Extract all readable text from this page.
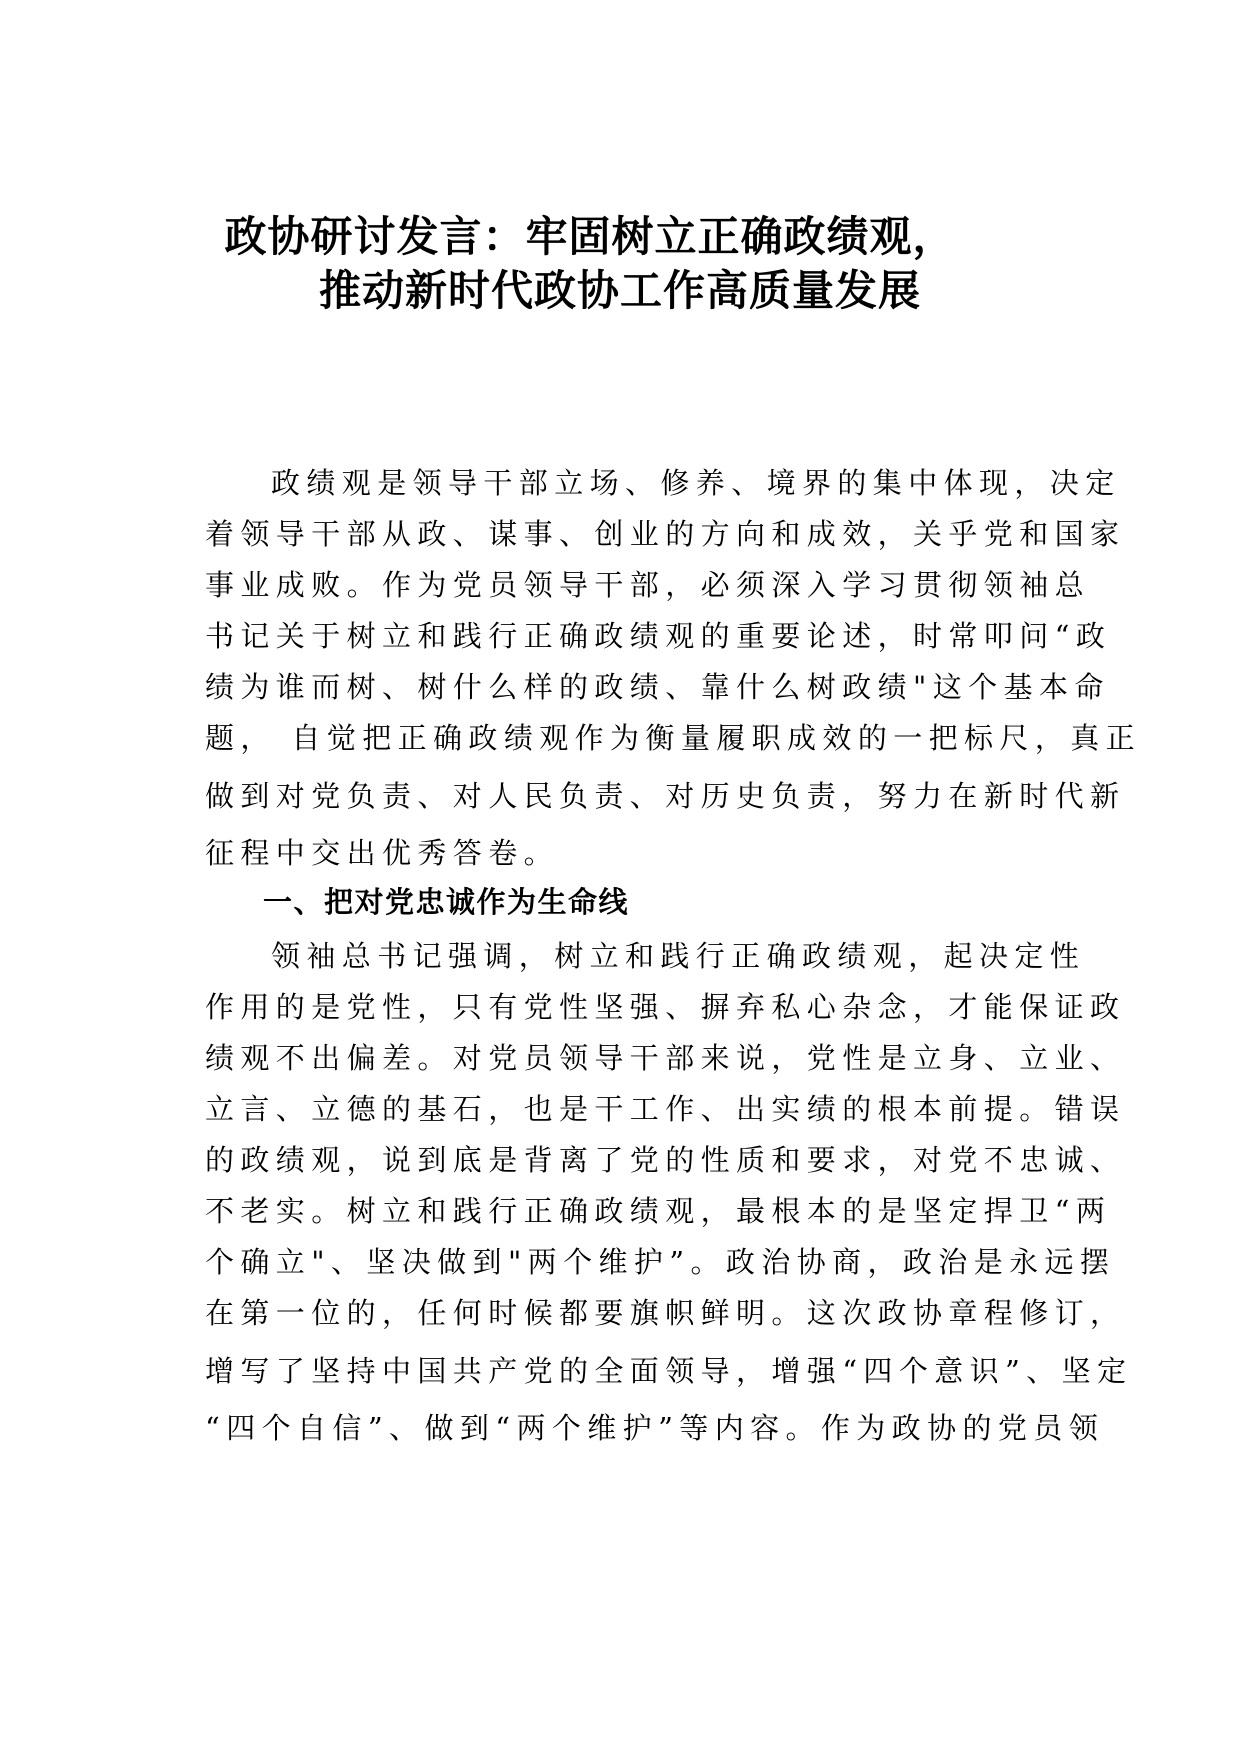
政协研讨发言：牢固树立正确政绩观，
推动新时代政协工作高质量发展
政绩观是领导干部立场、修养、境界的集中体现，决定
着领导干部从政、谋事、创业的方向和成效，关乎党和国家
事业成败。作为党员领导干部，必须深入学习贯彻领袖总
书记关于树立和践行正确政绩观的重要论述，时常叩问“政
绩为谁而树、树什么样的政绩、靠什么树政绩"这个基本命
题， 自觉把正确政绩观作为衡量履职成效的一把标尺，真正
做到对党负责、对人民负责、对历史负责，努力在新时代新
征程中交出优秀答卷。
一、把对党忠诚作为生命线
领袖总书记强调，树立和践行正确政绩观，起决定性
作用的是党性，只有党性坚强、摒弃私心杂念，才能保证政
绩观不出偏差。对党员领导干部来说，党性是立身、立业、
立言、立德的基石，也是干工作、出实绩的根本前提。错误
的政绩观，说到底是背离了党的性质和要求，对党不忠诚、
不老实。树立和践行正确政绩观，最根本的是坚定捍卫“两
个确立"、坚决做到"两个维护”。政治协商，政治是永远摆
在第一位的，任何时候都要旗帜鲜明。这次政协章程修订，
增写了坚持中国共产党的全面领导，增强“四个意识”、坚定
“四个自信”、做到“两个维护”等内容。作为政协的党员领
